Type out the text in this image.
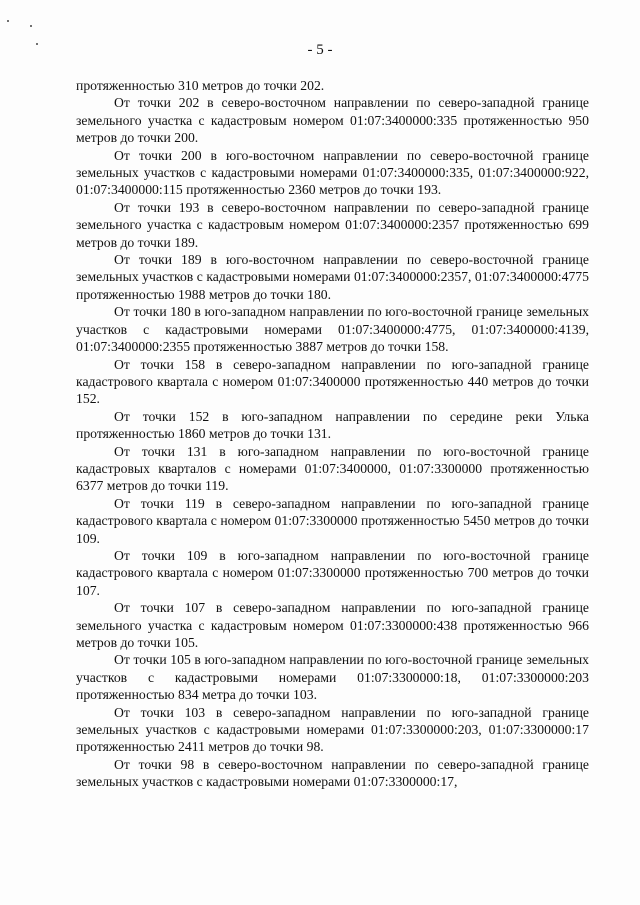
- 5 -

протяженностью 310 метров до точки 202.

От точки 202 в северо-восточном направлении по северо-западной границе земельного участка с кадастровым номером 01:07:3400000:335 протяженностью 950 метров до точки 200.

От точки 200 в юго-восточном направлении по северо-восточной границе земельных участков с кадастровыми номерами 01:07:3400000:335, 01:07:3400000:922, 01:07:3400000:115 протяженностью 2360 метров до точки 193.

От точки 193 в северо-восточном направлении по северо-западной границе земельного участка с кадастровым номером 01:07:3400000:2357 протяженностью 699 метров до точки 189.

От точки 189 в юго-восточном направлении по северо-восточной границе земельных участков с кадастровыми номерами 01:07:3400000:2357, 01:07:3400000:4775 протяженностью 1988 метров до точки 180.

От точки 180 в юго-западном направлении по юго-восточной границе земельных участков с кадастровыми номерами 01:07:3400000:4775, 01:07:3400000:4139, 01:07:3400000:2355 протяженностью 3887 метров до точки 158.

От точки 158 в северо-западном направлении по юго-западной границе кадастрового квартала с номером 01:07:3400000 протяженностью 440 метров до точки 152.

От точки 152 в юго-западном направлении по середине реки Улька протяженностью 1860 метров до точки 131.

От точки 131 в юго-западном направлении по юго-восточной границе кадастровых кварталов с номерами 01:07:3400000, 01:07:3300000 протяженностью 6377 метров до точки 119.

От точки 119 в северо-западном направлении по юго-западной границе кадастрового квартала с номером 01:07:3300000 протяженностью 5450 метров до точки 109.

От точки 109 в юго-западном направлении по юго-восточной границе кадастрового квартала с номером 01:07:3300000 протяженностью 700 метров до точки 107.

От точки 107 в северо-западном направлении по юго-западной границе земельного участка с кадастровым номером 01:07:3300000:438 протяженностью 966 метров до точки 105.

От точки 105 в юго-западном направлении по юго-восточной границе земельных участков с кадастровыми номерами 01:07:3300000:18, 01:07:3300000:203 протяженностью 834 метра до точки 103.

От точки 103 в северо-западном направлении по юго-западной границе земельных участков с кадастровыми номерами 01:07:3300000:203, 01:07:3300000:17 протяженностью 2411 метров до точки 98.

От точки 98 в северо-восточном направлении по северо-западной границе земельных участков с кадастровыми номерами 01:07:3300000:17,
